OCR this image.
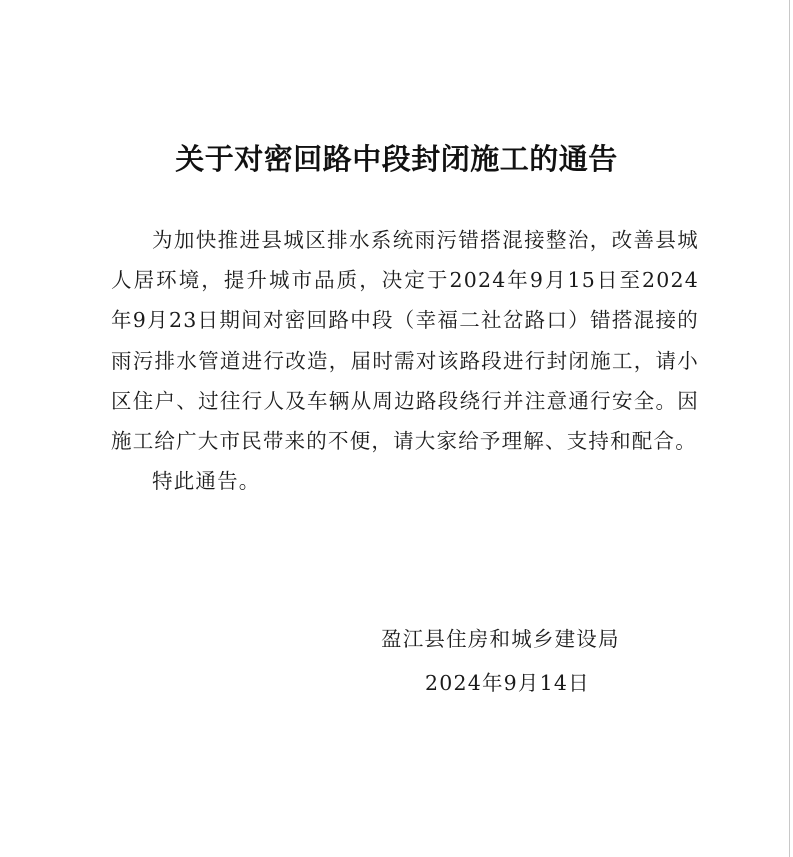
关于对密回路中段封闭施工的通告

为加快推进县城区排水系统雨污错搭混接整治，改善县城人居环境，提升城市品质，决定于2024年9月15日至2024年9月23日期间对密回路中段（幸福二社岔路口）错搭混接的雨污排水管道进行改造，届时需对该路段进行封闭施工，请小区住户、过往行人及车辆从周边路段绕行并注意通行安全。因施工给广大市民带来的不便，请大家给予理解、支持和配合。

特此通告。

盈江县住房和城乡建设局
2024年9月14日
